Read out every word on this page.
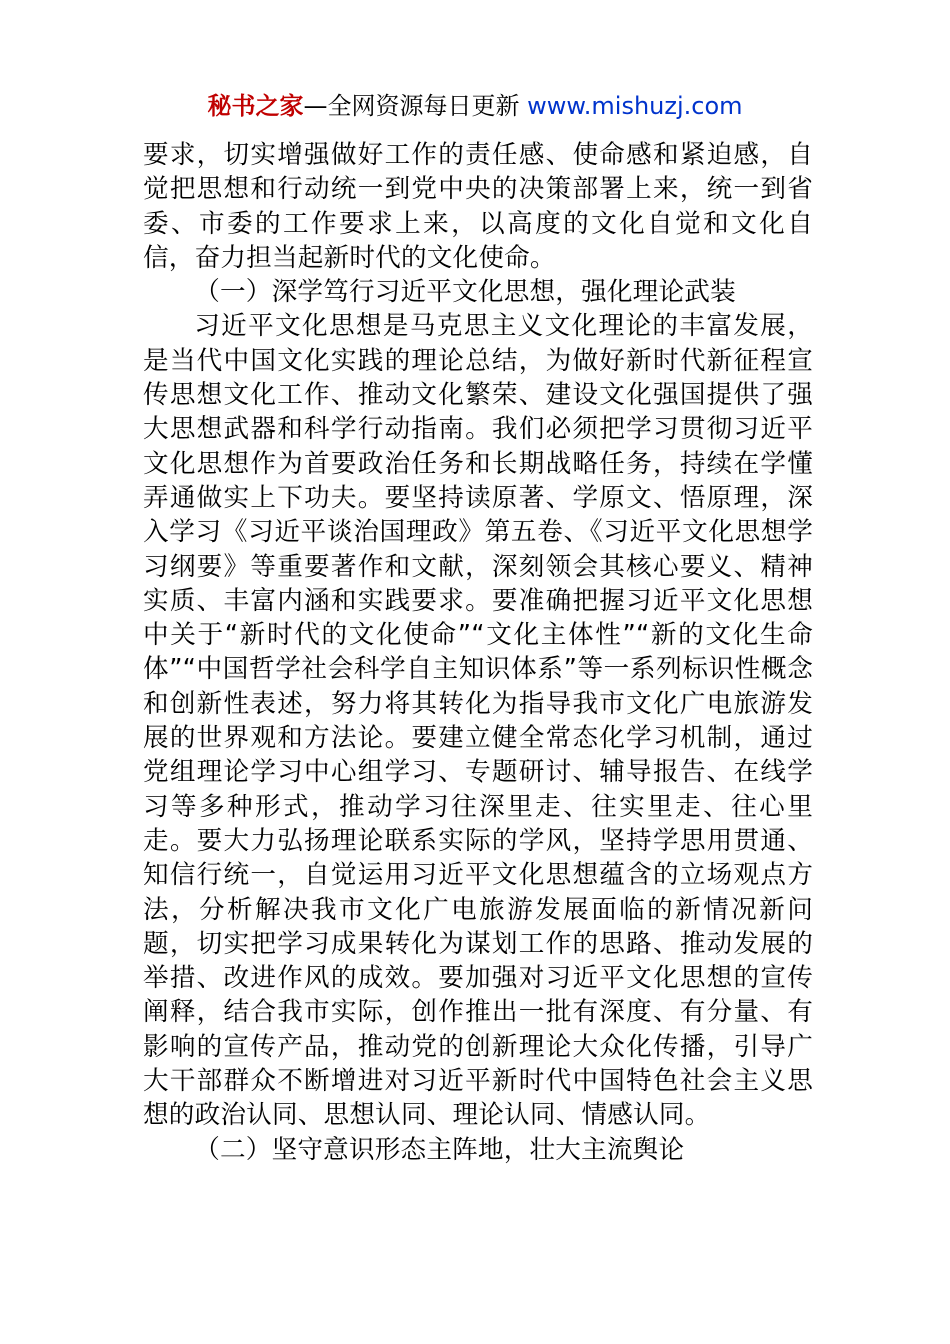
秘书之家—全网资源每日更新 www.mishuzj.com

要求，切实增强做好工作的责任感、使命感和紧迫感，自觉把思想和行动统一到党中央的决策部署上来，统一到省委、市委的工作要求上来，以高度的文化自觉和文化自信，奋力担当起新时代的文化使命。

（一）深学笃行习近平文化思想，强化理论武装

习近平文化思想是马克思主义文化理论的丰富发展，是当代中国文化实践的理论总结，为做好新时代新征程宣传思想文化工作、推动文化繁荣、建设文化强国提供了强大思想武器和科学行动指南。我们必须把学习贯彻习近平文化思想作为首要政治任务和长期战略任务，持续在学懂弄通做实上下功夫。要坚持读原著、学原文、悟原理，深入学习《习近平谈治国理政》第五卷、《习近平文化思想学习纲要》等重要著作和文献，深刻领会其核心要义、精神实质、丰富内涵和实践要求。要准确把握习近平文化思想中关于“新时代的文化使命”“文化主体性”“新的文化生命体”“中国哲学社会科学自主知识体系”等一系列标识性概念和创新性表述，努力将其转化为指导我市文化广电旅游发展的世界观和方法论。要建立健全常态化学习机制，通过党组理论学习中心组学习、专题研讨、辅导报告、在线学习等多种形式，推动学习往深里走、往实里走、往心里走。要大力弘扬理论联系实际的学风，坚持学思用贯通、知信行统一，自觉运用习近平文化思想蕴含的立场观点方法，分析解决我市文化广电旅游发展面临的新情况新问题，切实把学习成果转化为谋划工作的思路、推动发展的举措、改进作风的成效。要加强对习近平文化思想的宣传阐释，结合我市实际，创作推出一批有深度、有分量、有影响的宣传产品，推动党的创新理论大众化传播，引导广大干部群众不断增进对习近平新时代中国特色社会主义思想的政治认同、思想认同、理论认同、情感认同。

（二）坚守意识形态主阵地，壮大主流舆论
